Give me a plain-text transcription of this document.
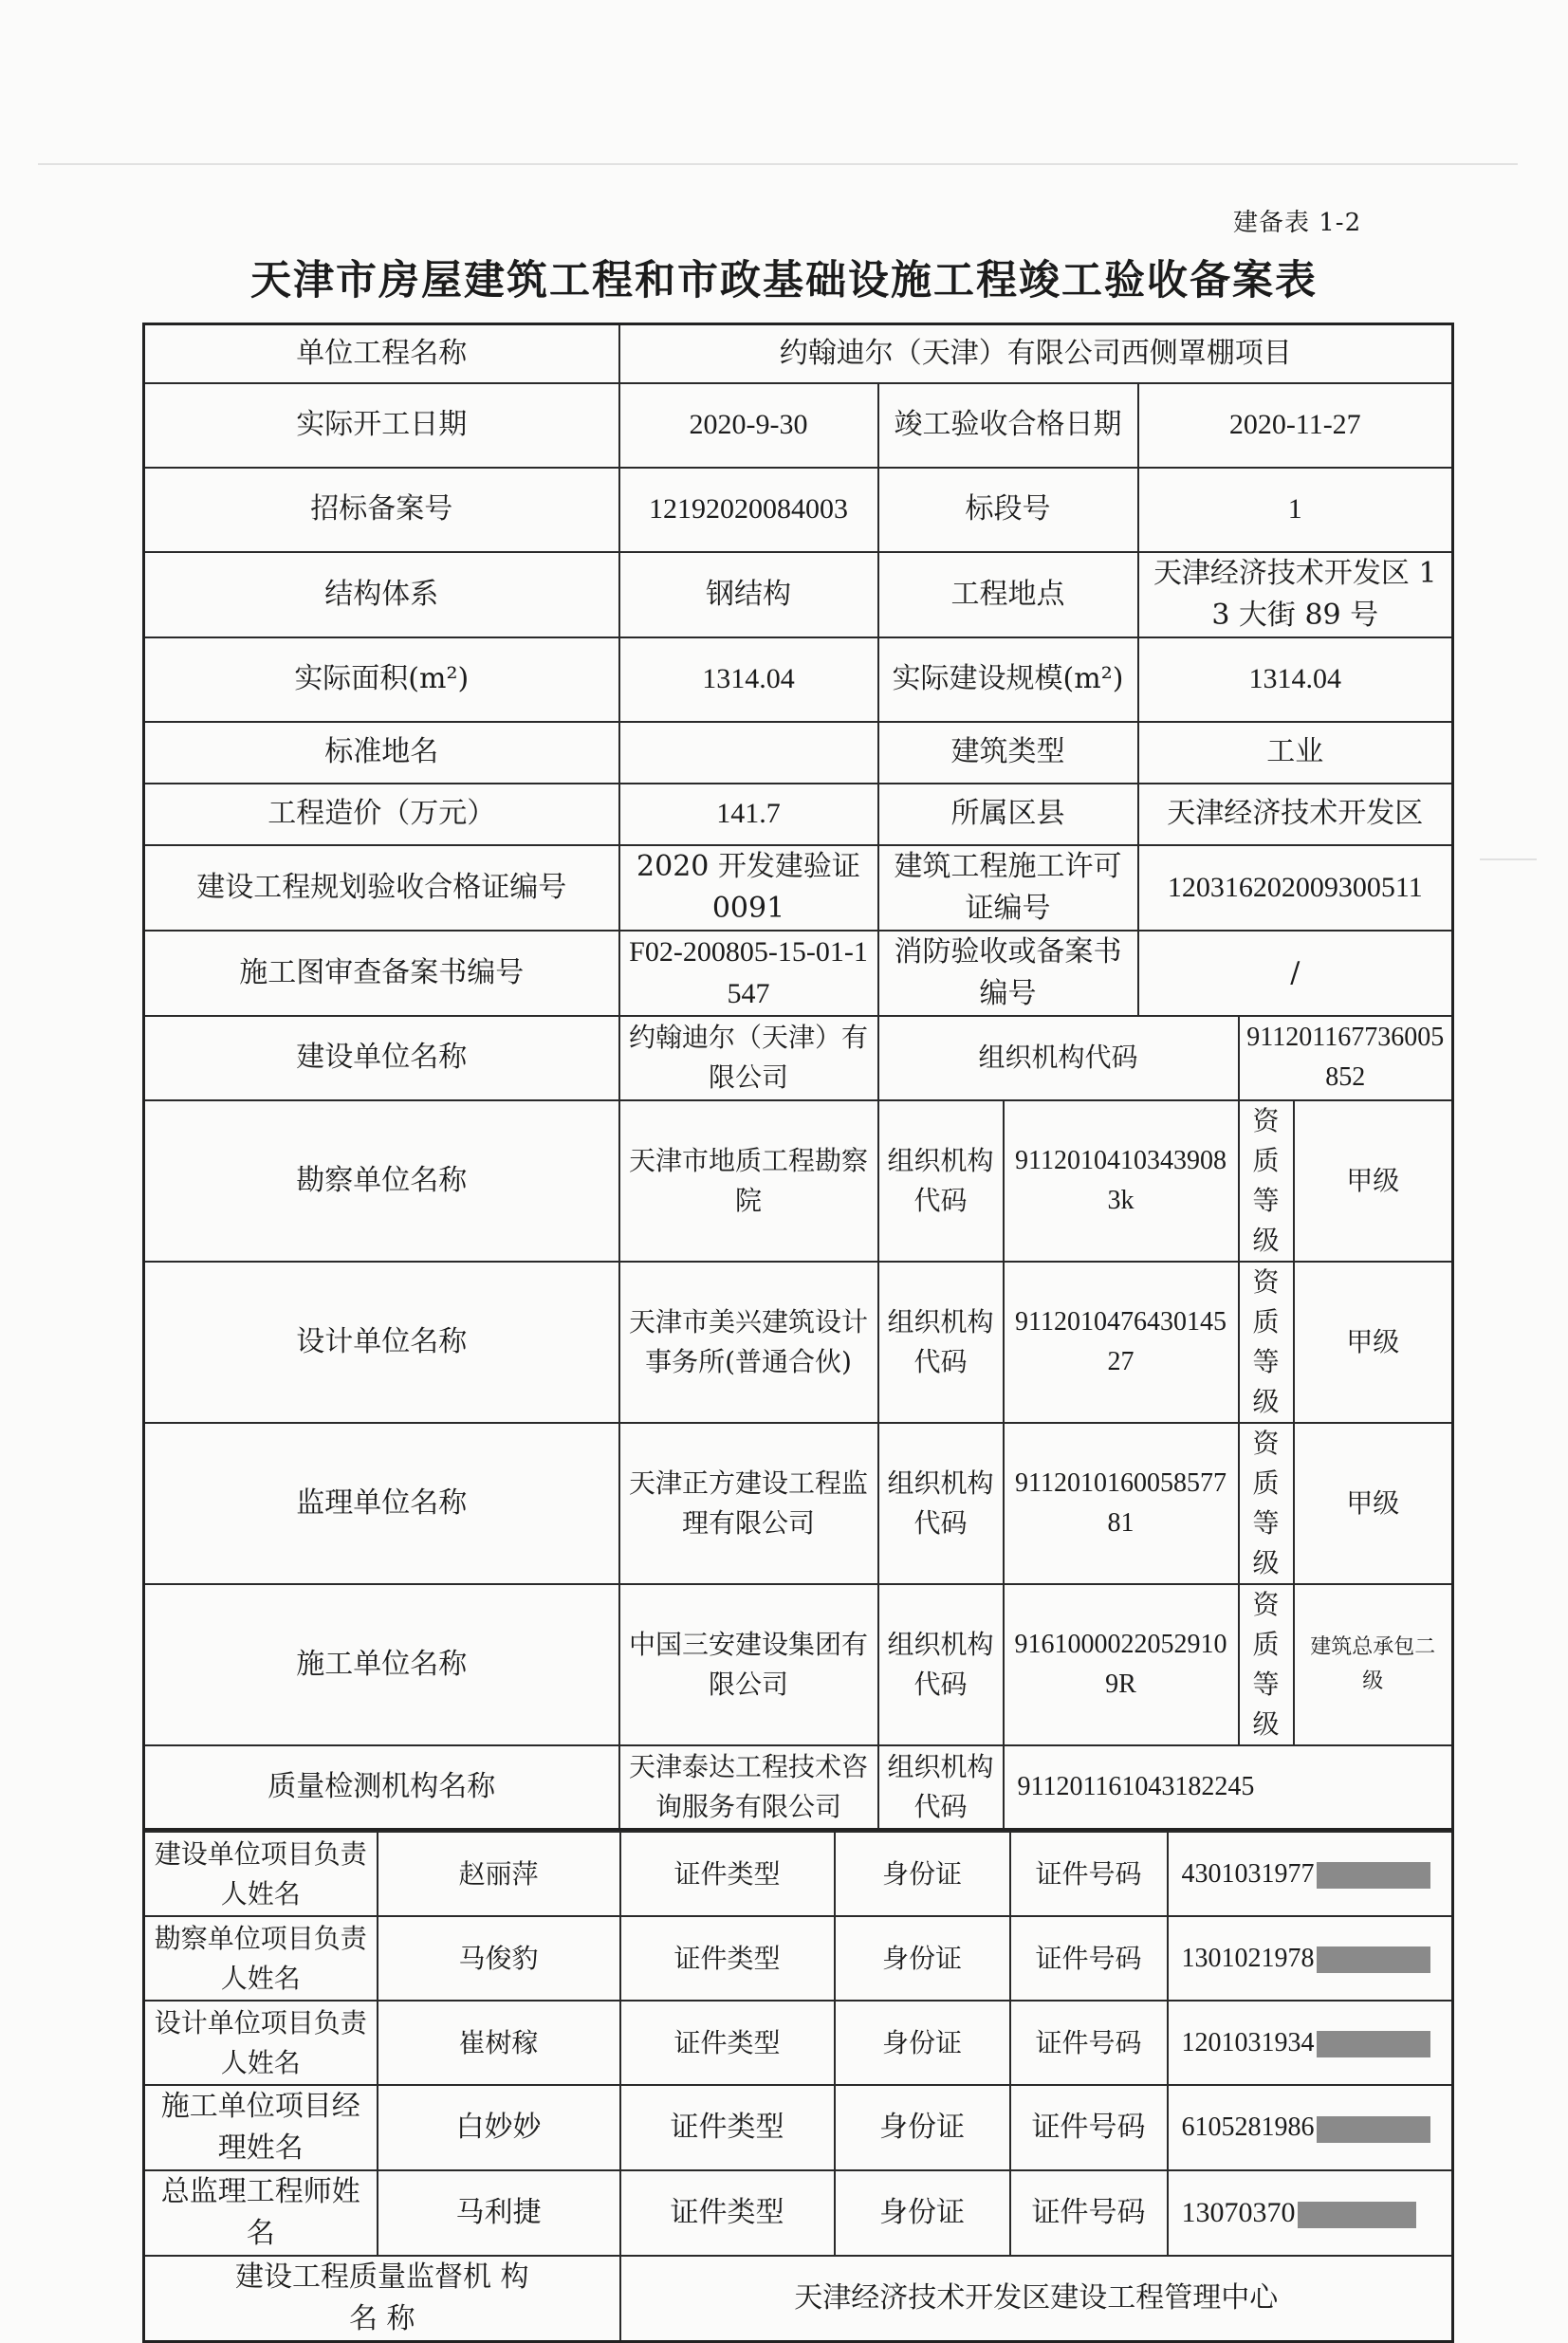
建备表 1-2
天津市房屋建筑工程和市政基础设施工程竣工验收备案表
单位工程名称	约翰迪尔（天津）有限公司西侧罩棚项目					
实际开工日期	2020-9-30	竣工验收合格日期		2020-11-27		
招标备案号	12192020084003	标段号		1		
结构体系	钢结构	工程地点		天津经济技术开发区 13 大街 89 号		
实际面积(m²)	1314.04	实际建设规模(m²)		1314.04		
标准地名		建筑类型		工业		
工程造价（万元）	141.7	所属区县		天津经济技术开发区		
建设工程规划验收合格证编号	2020 开发建验证 0091	建筑工程施工许可证编号		120316202009300511		
施工图审查备案书编号	F02-200805-15-01-1547	消防验收或备案书编号		/		
建设单位名称	约翰迪尔（天津）有限公司	组织机构代码			911201167736005852	
勘察单位名称	天津市地质工程勘察院	组织机构代码	91120104103439083k		资质等级	甲级
设计单位名称	天津市美兴建筑设计事务所(普通合伙)	组织机构代码	911201047643014527		资质等级	甲级
监理单位名称	天津正方建设工程监理有限公司	组织机构代码	911201016005857781		资质等级	甲级
施工单位名称	中国三安建设集团有限公司	组织机构代码	91610000220529109R		资质等级	建筑总承包二级
质量检测机构名称	天津泰达工程技术咨询服务有限公司	组织机构代码	911201161043182245			
建设单位项目负责人姓名	赵丽萍	证件类型	身份证	证件号码	4301031977
勘察单位项目负责人姓名	马俊豹	证件类型	身份证	证件号码	1301021978
设计单位项目负责人姓名	崔树稼	证件类型	身份证	证件号码	1201031934
施工单位项目经理姓名	白妙妙	证件类型	身份证	证件号码	6105281986
总监理工程师姓名	马利捷	证件类型	身份证	证件号码	13070370
建设工程质量监督机 构 名 称		天津经济技术开发区建设工程管理中心			
